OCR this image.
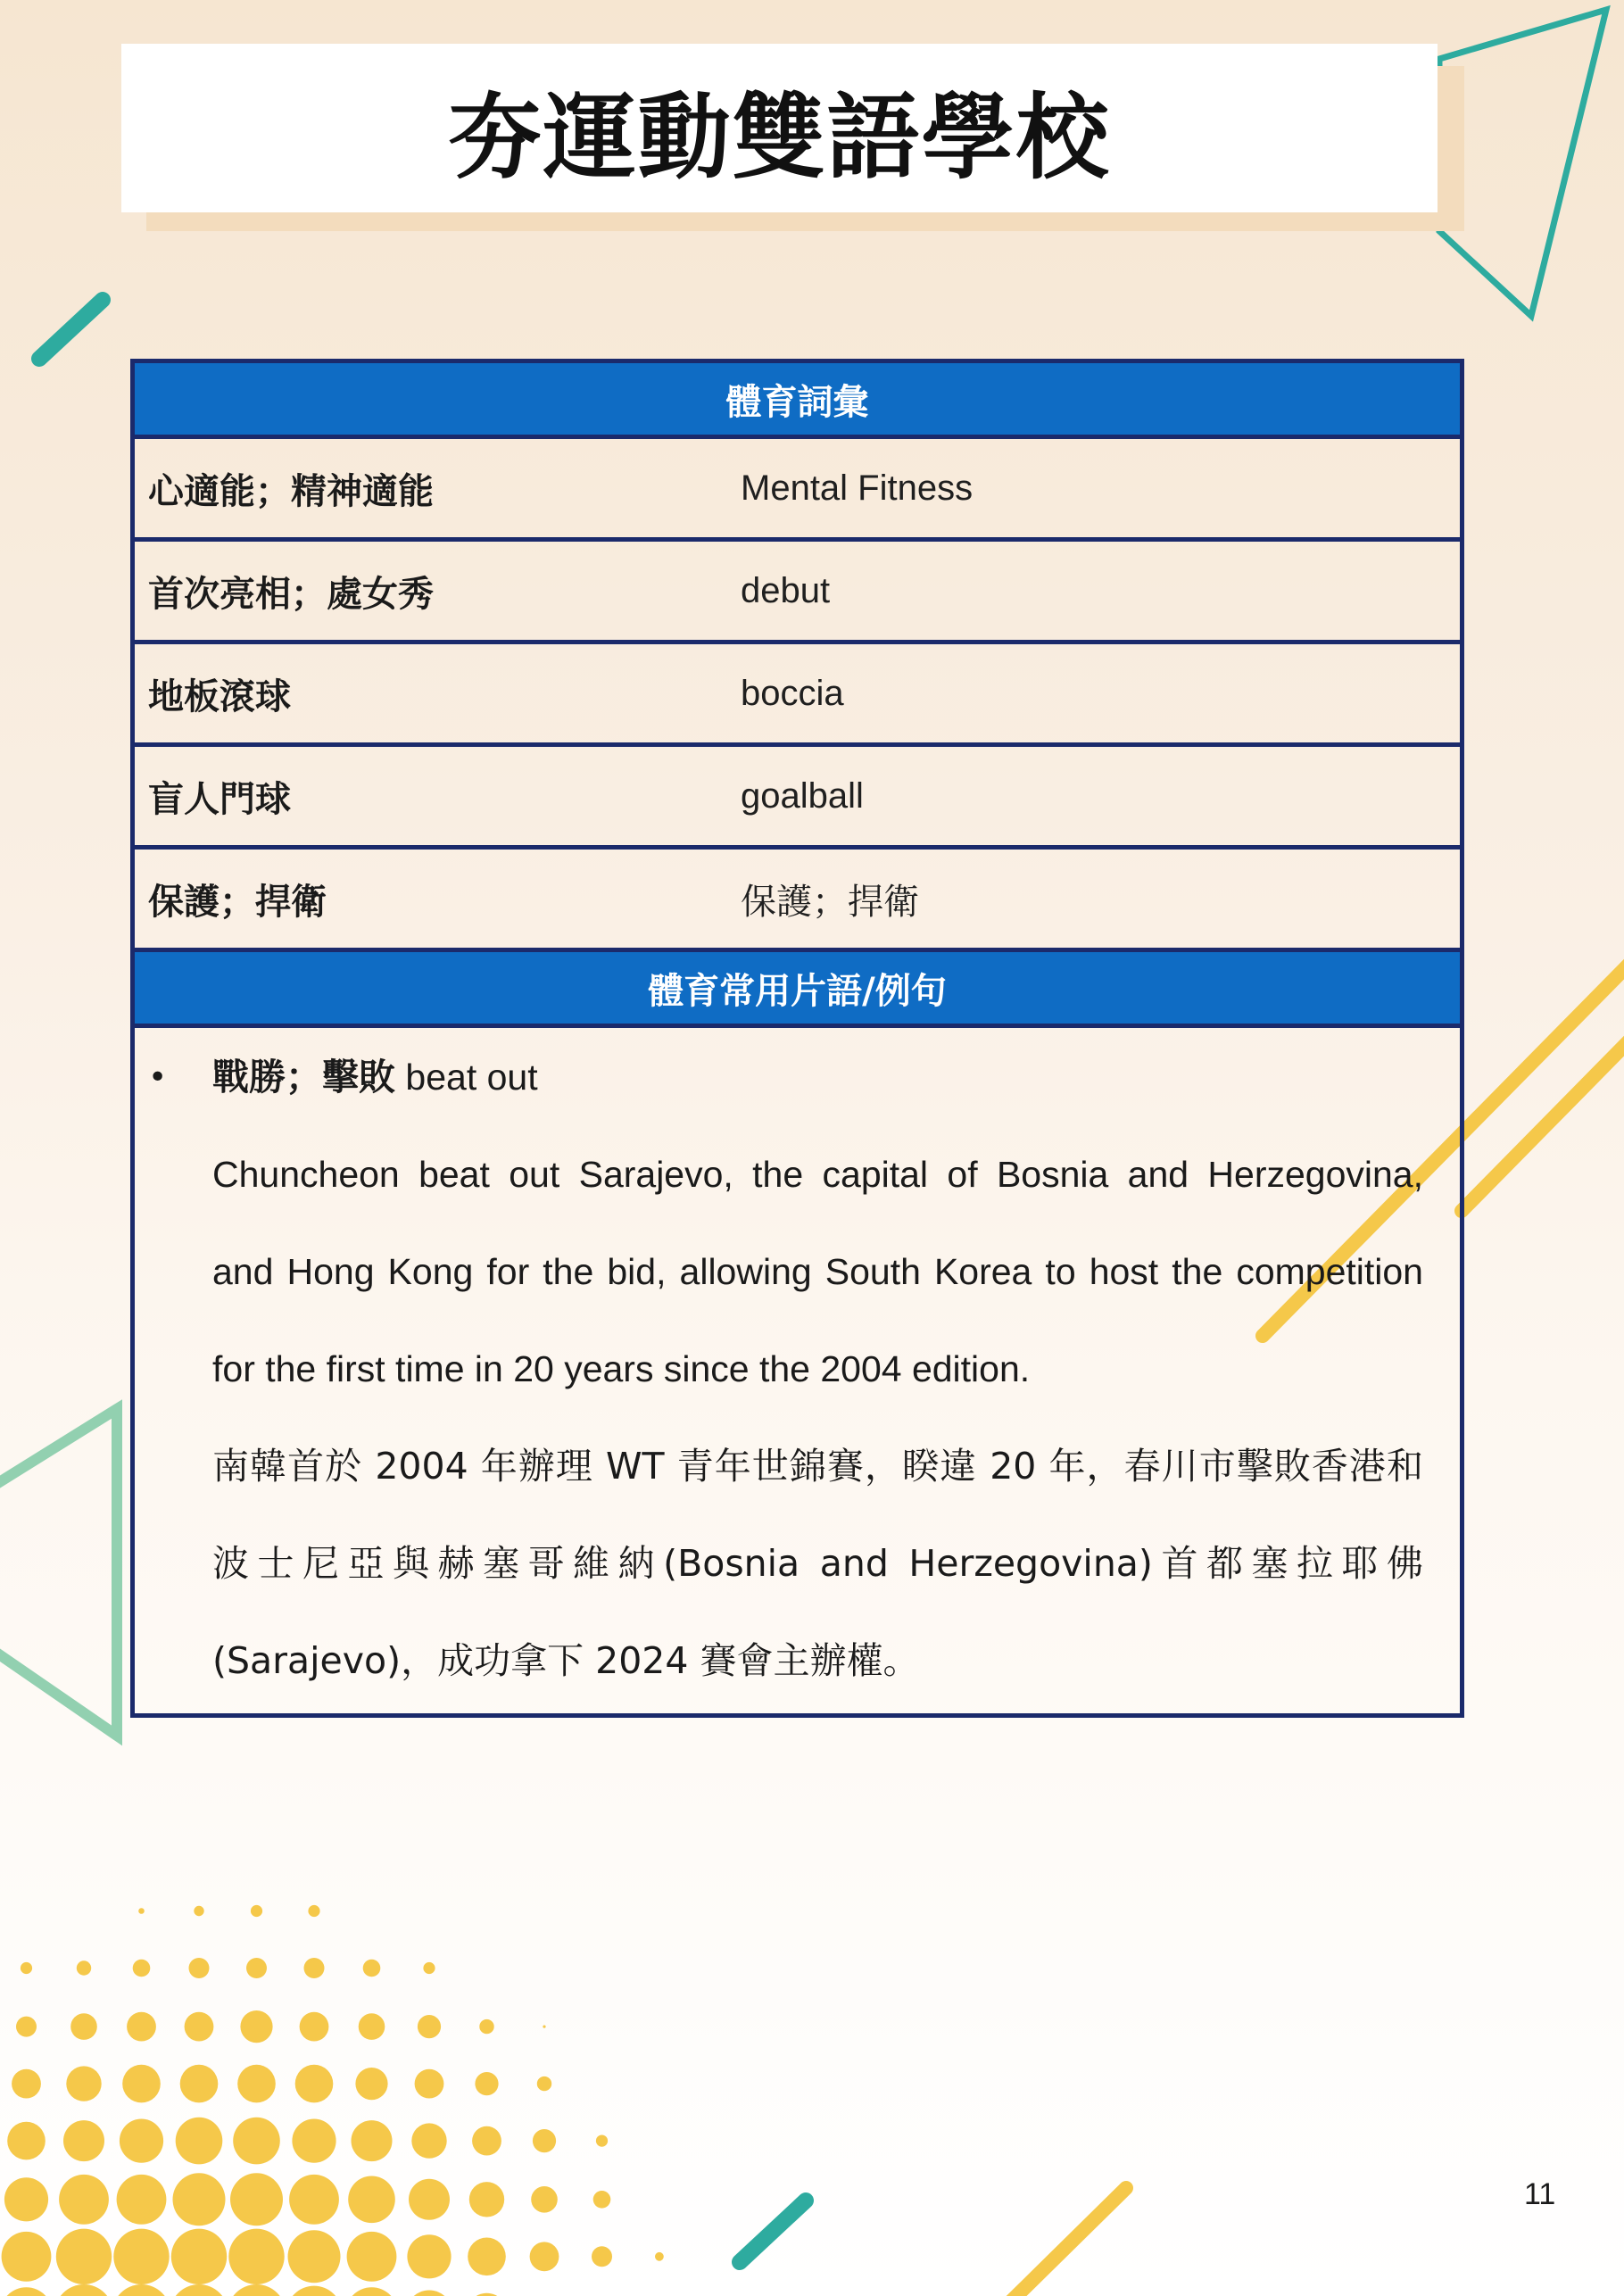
夯運動雙語學校
體育詞彙
心適能；精神適能	Mental Fitness
首次亮相；處女秀	debut
地板滾球	boccia
盲人門球	goalball
保護；捍衛	保護；捍衛
體育常用片語/例句
• 戰勝；擊敗 beat out
Chuncheon beat out Sarajevo, the capital of Bosnia and Herzegovina,
and Hong Kong for the bid, allowing South Korea to host the competition
for the first time in 20 years since the 2004 edition.
南韓首於 2004 年辦理 WT 青年世錦賽，睽違 20 年，春川市擊敗香港和
波士尼亞與赫塞哥維納(Bosnia and Herzegovina)首都塞拉耶佛
(Sarajevo)，成功拿下 2024 賽會主辦權。
11
